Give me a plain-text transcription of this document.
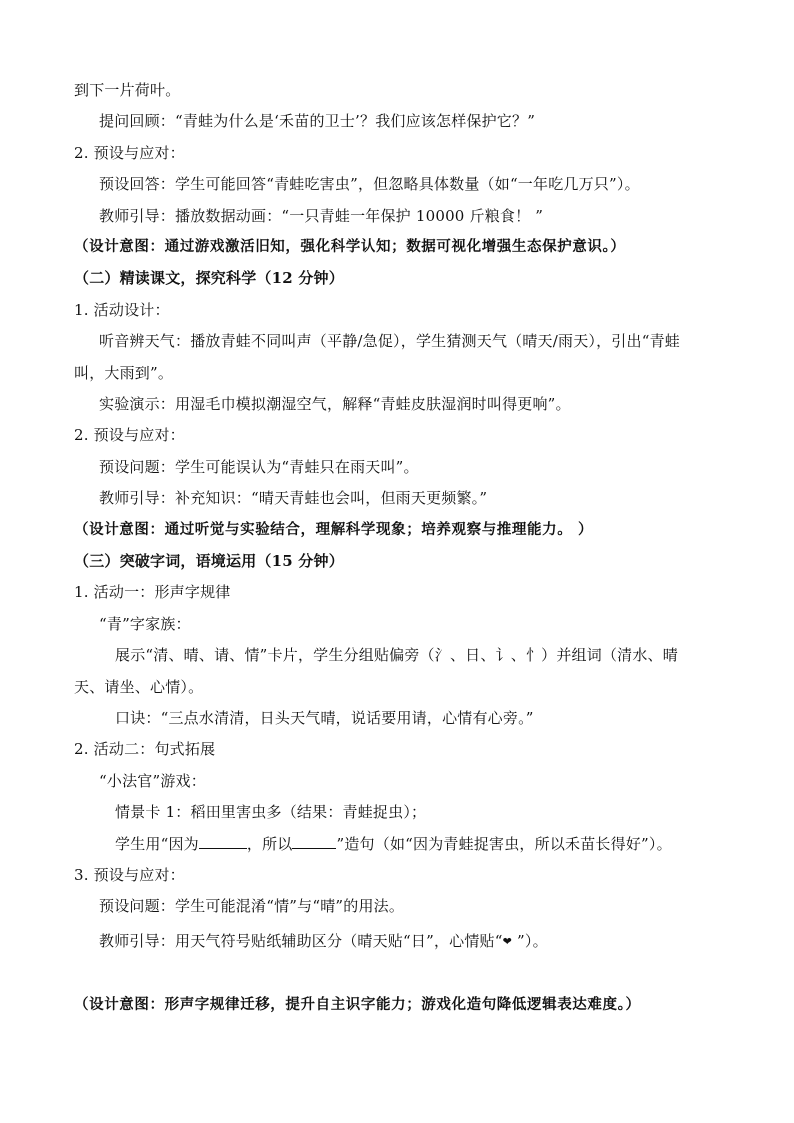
到下一片荷叶。
提问回顾：“青蛙为什么是‘禾苗的卫士’？我们应该怎样保护它？”
2. 预设与应对：
预设回答：学生可能回答“青蛙吃害虫”，但忽略具体数量（如“一年吃几万只”）。
教师引导：播放数据动画：“一只青蛙一年保护 10000 斤粮食！ ”
（设计意图：通过游戏激活旧知，强化科学认知；数据可视化增强生态保护意识。）
（二）精读课文，探究科学（12 分钟）
1. 活动设计：
听音辨天气：播放青蛙不同叫声（平静/急促），学生猜测天气（晴天/雨天），引出“青蛙
叫，大雨到”。
实验演示：用湿毛巾模拟潮湿空气，解释“青蛙皮肤湿润时叫得更响”。
2. 预设与应对：
预设问题：学生可能误认为“青蛙只在雨天叫”。
教师引导：补充知识：“晴天青蛙也会叫，但雨天更频繁。”
（设计意图：通过听觉与实验结合，理解科学现象；培养观察与推理能力。 ）
（三）突破字词，语境运用（15 分钟）
1. 活动一：形声字规律
“青”字家族：
展示“清、晴、请、情”卡片，学生分组贴偏旁（氵、日、讠、忄）并组词（清水、晴
天、请坐、心情）。
口诀：“三点水清清，日头天气晴，说话要用请，心情有心旁。”
2. 活动二：句式拓展
“小法官”游戏：
情景卡 1：稻田里害虫多（结果：青蛙捉虫）；
学生用“因为	，所以	”造句（如“因为青蛙捉害虫，所以禾苗长得好”）。
3. 预设与应对：
预设问题：学生可能混淆“情”与“晴”的用法。
教师引导：用天气符号贴纸辅助区分（晴天贴“日”，心情贴“❤ ”）。
（设计意图：形声字规律迁移，提升自主识字能力；游戏化造句降低逻辑表达难度。）
